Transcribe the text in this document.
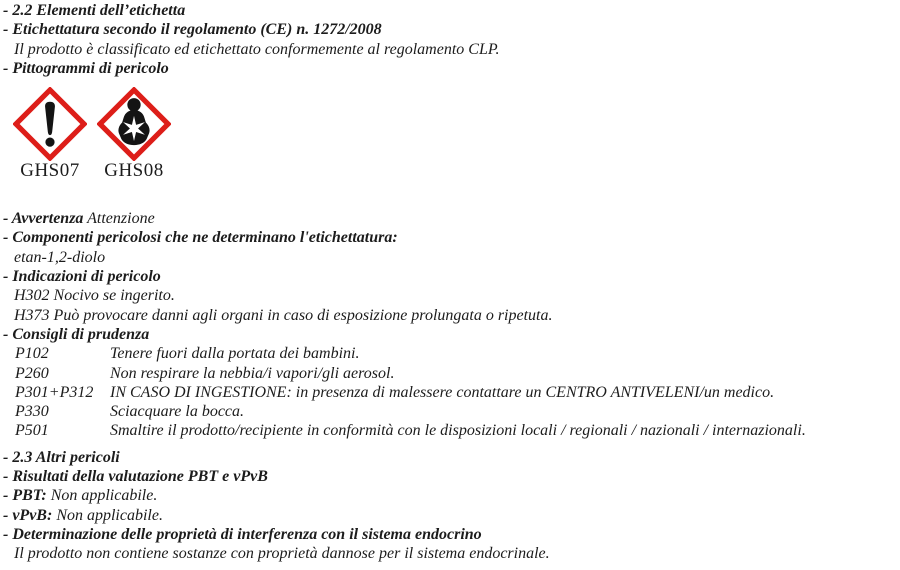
- 2.2 Elementi dell’etichetta
- Etichettatura secondo il regolamento (CE) n. 1272/2008
Il prodotto è classificato ed etichettato conformemente al regolamento CLP.
- Pittogrammi di pericolo
GHS07 GHS08
- Avvertenza Attenzione
- Componenti pericolosi che ne determinano l'etichettatura:
etan-1,2-diolo
- Indicazioni di pericolo
H302 Nocivo se ingerito.
H373 Può provocare danni agli organi in caso di esposizione prolungata o ripetuta.
- Consigli di prudenza
P102	Tenere fuori dalla portata dei bambini.
P260	Non respirare la nebbia/i vapori/gli aerosol.
P301+P312	IN CASO DI INGESTIONE: in presenza di malessere contattare un CENTRO ANTIVELENI/un medico.
P330	Sciacquare la bocca.
P501	Smaltire il prodotto/recipiente in conformità con le disposizioni locali / regionali / nazionali / internazionali.
- 2.3 Altri pericoli
- Risultati della valutazione PBT e vPvB
- PBT: Non applicabile.
- vPvB: Non applicabile.
- Determinazione delle proprietà di interferenza con il sistema endocrino
Il prodotto non contiene sostanze con proprietà dannose per il sistema endocrinale.
